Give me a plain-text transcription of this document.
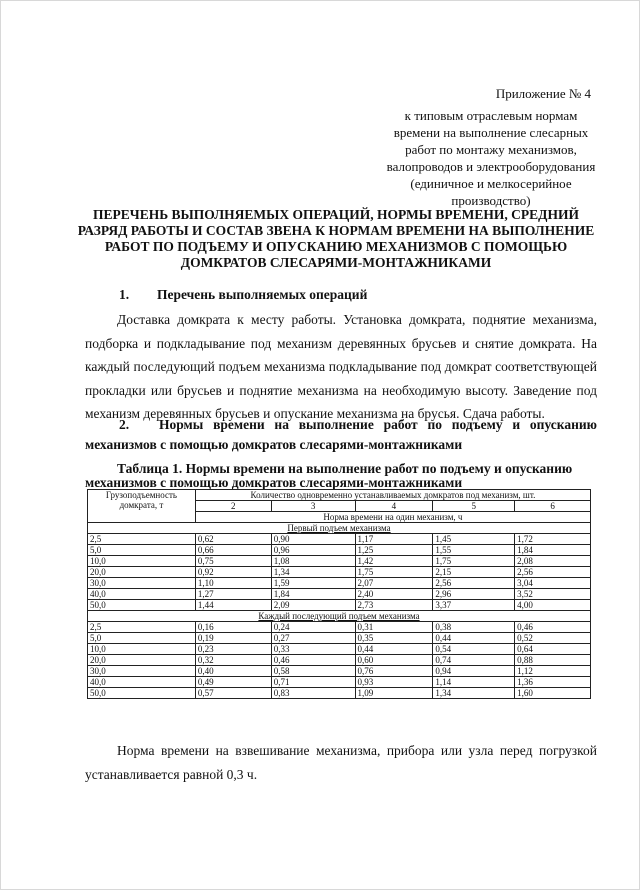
Приложение № 4
к типовым отраслевым нормам
времени на выполнение слесарных
работ по монтажу механизмов,
валопроводов и электрооборудования
(единичное и мелкосерийное
производство)
ПЕРЕЧЕНЬ ВЫПОЛНЯЕМЫХ ОПЕРАЦИЙ, НОРМЫ ВРЕМЕНИ, СРЕДНИЙ
РАЗРЯД РАБОТЫ И СОСТАВ ЗВЕНА К НОРМАМ ВРЕМЕНИ НА ВЫПОЛНЕНИЕ
РАБОТ ПО ПОДЪЕМУ И ОПУСКАНИЮ МЕХАНИЗМОВ С ПОМОЩЬЮ
ДОМКРАТОВ СЛЕСАРЯМИ-МОНТАЖНИКАМИ
1. Перечень выполняемых операций
Доставка домкрата к месту работы. Установка домкрата, поднятие механизма, подборка и подкладывание под механизм деревянных брусьев и снятие домкрата. На каждый последующий подъем механизма подкладывание под домкрат соответствующей прокладки или брусьев и поднятие механизма на необходимую высоту. Заведение под механизм деревянных брусьев и опускание механизма на брусья. Сдача работы.
2. Нормы времени на выполнение работ по подъему и опусканию механизмов с помощью домкратов слесарями-монтажниками
Таблица 1. Нормы времени на выполнение работ по подъему и опусканию
механизмов с помощью домкратов слесарями-монтажниками
Грузоподъемность домкрата, т	Количество одновременно устанавливаемых домкратов под механизм, шт.				
	2	3	4	5	6
	Норма времени на один механизм, ч				
Первый подъем механизма					
2,5	0,62	0,90	1,17	1,45	1,72
5,0	0,66	0,96	1,25	1,55	1,84
10,0	0,75	1,08	1,42	1,75	2,08
20,0	0,92	1,34	1,75	2,15	2,56
30,0	1,10	1,59	2,07	2,56	3,04
40,0	1,27	1,84	2,40	2,96	3,52
50,0	1,44	2,09	2,73	3,37	4,00
Каждый последующий подъем механизма					
2,5	0,16	0,24	0,31	0,38	0,46
5,0	0,19	0,27	0,35	0,44	0,52
10,0	0,23	0,33	0,44	0,54	0,64
20,0	0,32	0,46	0,60	0,74	0,88
30,0	0,40	0,58	0,76	0,94	1,12
40,0	0,49	0,71	0,93	1,14	1,36
50,0	0,57	0,83	1,09	1,34	1,60
Норма времени на взвешивание механизма, прибора или узла перед погрузкой устанавливается равной 0,3 ч.
